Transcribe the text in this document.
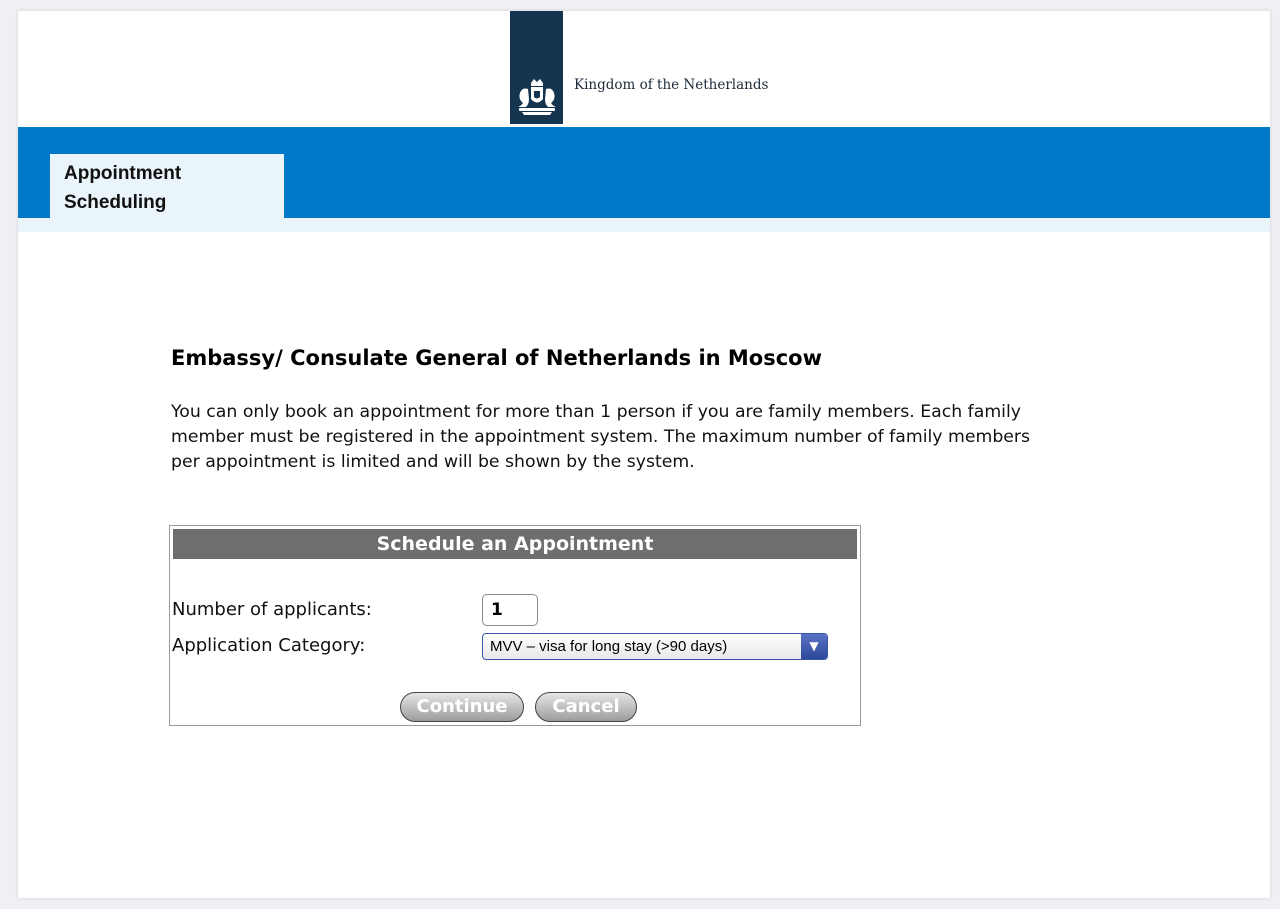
Kingdom of the Netherlands
Appointment
Scheduling
Embassy/ Consulate General of Netherlands in Moscow

You can only book an appointment for more than 1 person if you are family members. Each family member must be registered in the appointment system. The maximum number of family members per appointment is limited and will be shown by the system.

Schedule an Appointment
Number of applicants:
1
Application Category:	MVV – visa for long stay (>90 days)	▼
Continue	Cancel
